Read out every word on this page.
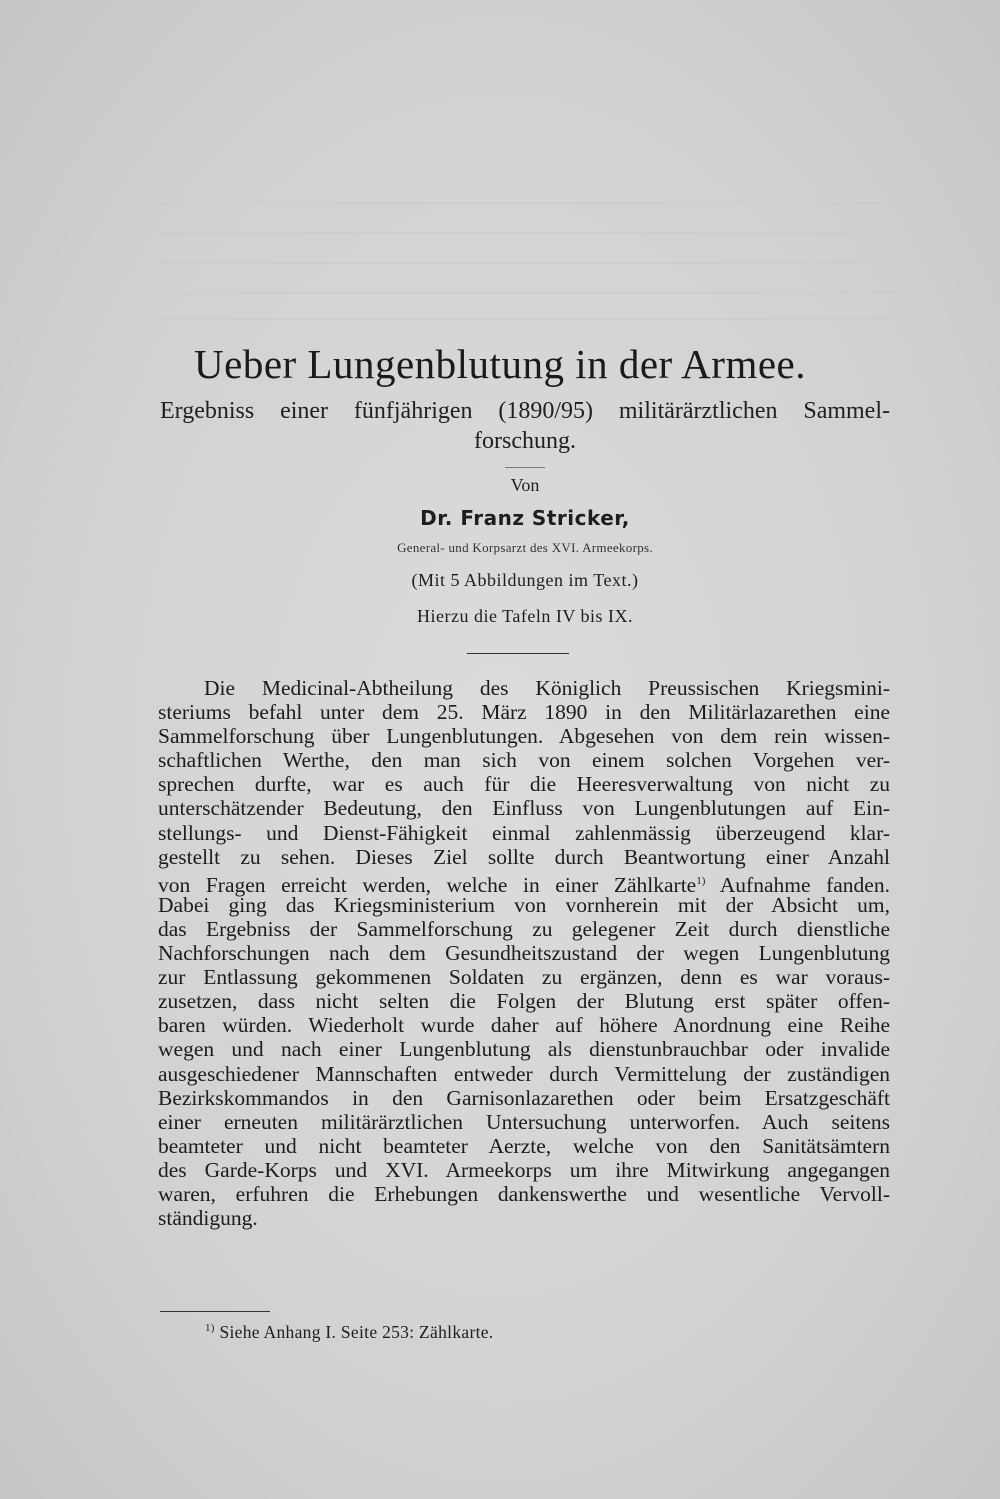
Ueber Lungenblutung in der Armee.
Ergebniss einer fünfjährigen (1890/95) militärärztlichen Sammel-
forschung.
Von
Dr. Franz Stricker,
General- und Korpsarzt des XVI. Armeekorps.
(Mit 5 Abbildungen im Text.)
Hierzu die Tafeln IV bis IX.
Die Medicinal-Abtheilung des Königlich Preussischen Kriegsmini-
steriums befahl unter dem 25. März 1890 in den Militärlazarethen eine
Sammelforschung über Lungenblutungen. Abgesehen von dem rein wissen-
schaftlichen Werthe, den man sich von einem solchen Vorgehen ver-
sprechen durfte, war es auch für die Heeresverwaltung von nicht zu
unterschätzender Bedeutung, den Einfluss von Lungenblutungen auf Ein-
stellungs- und Dienst-Fähigkeit einmal zahlenmässig überzeugend klar-
gestellt zu sehen. Dieses Ziel sollte durch Beantwortung einer Anzahl
von Fragen erreicht werden, welche in einer Zählkarte$^{1)}$ Aufnahme fanden.
Dabei ging das Kriegsministerium von vornherein mit der Absicht um,
das Ergebniss der Sammelforschung zu gelegener Zeit durch dienstliche
Nachforschungen nach dem Gesundheitszustand der wegen Lungenblutung
zur Entlassung gekommenen Soldaten zu ergänzen, denn es war voraus-
zusetzen, dass nicht selten die Folgen der Blutung erst später offen-
baren würden. Wiederholt wurde daher auf höhere Anordnung eine Reihe
wegen und nach einer Lungenblutung als dienstunbrauchbar oder invalide
ausgeschiedener Mannschaften entweder durch Vermittelung der zuständigen
Bezirkskommandos in den Garnisonlazarethen oder beim Ersatzgeschäft
einer erneuten militärärztlichen Untersuchung unterworfen. Auch seitens
beamteter und nicht beamteter Aerzte, welche von den Sanitätsämtern
des Garde-Korps und XVI. Armeekorps um ihre Mitwirkung angegangen
waren, erfuhren die Erhebungen dankenswerthe und wesentliche Vervoll-
ständigung.
$^{1)}$ Siehe Anhang I. Seite 253: Zählkarte.
